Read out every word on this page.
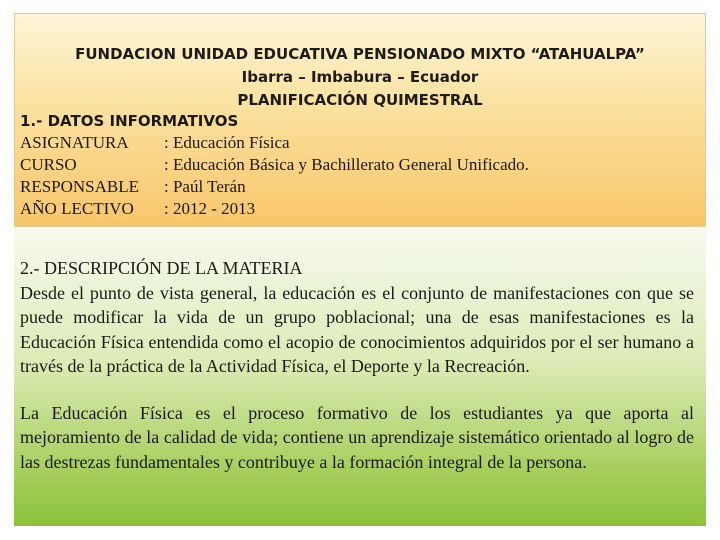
FUNDACION UNIDAD EDUCATIVA PENSIONADO MIXTO “ATAHUALPA”
Ibarra – Imbabura – Ecuador
PLANIFICACIÓN QUIMESTRAL
1.- DATOS INFORMATIVOS
ASIGNATURA : Educación Física
CURSO	: Educación Básica y Bachillerato General Unificado.
RESPONSABLE : Paúl Terán
AÑO LECTIVO : 2012 - 2013
2.- DESCRIPCIÓN DE LA MATERIA

Desde el punto de vista general, la educación es el conjunto de manifestaciones con que se puede modificar la vida de un grupo poblacional; una de esas manifestaciones es la Educación Física entendida como el acopio de conocimientos adquiridos por el ser humano a través de la práctica de la Actividad Física, el Deporte y la Recreación.

La Educación Física es el proceso formativo de los estudiantes ya que aporta al mejoramiento de la calidad de vida; contiene un aprendizaje sistemático orientado al logro de las destrezas fundamentales y contribuye a la formación integral de la persona.
